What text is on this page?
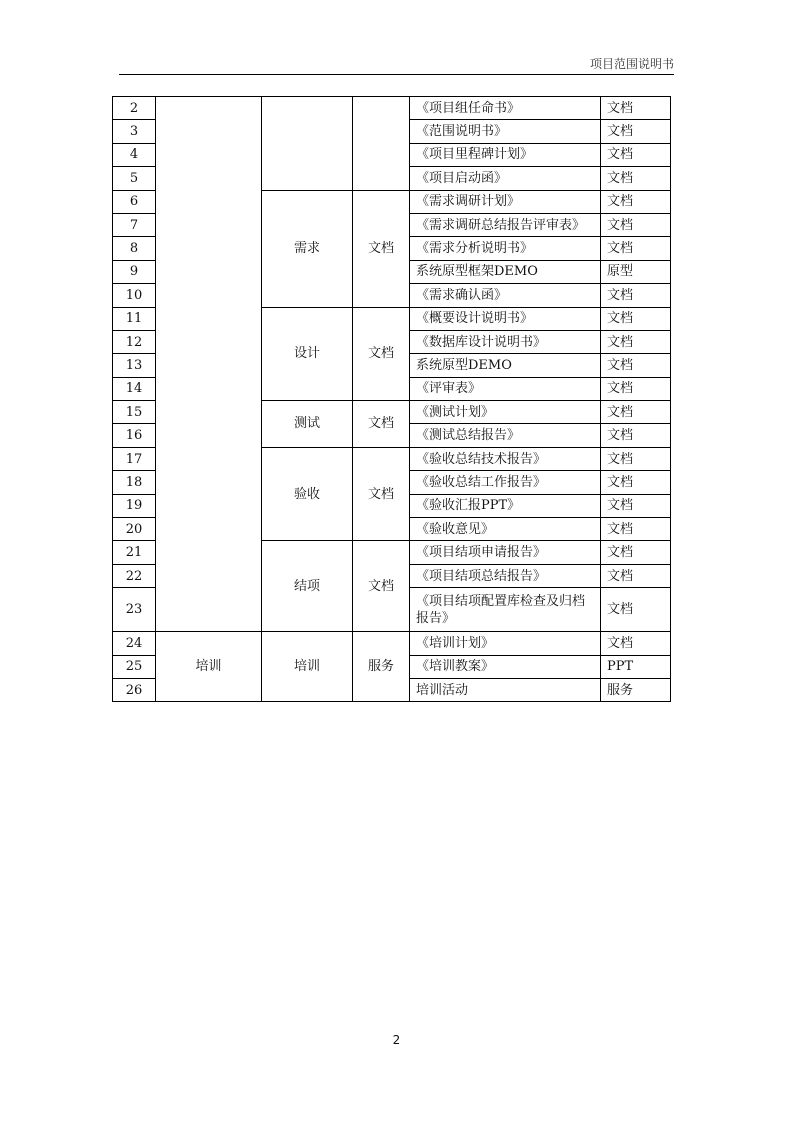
项目范围说明书
2				《项目组任命书》	文档
3				《范围说明书》	文档
4				《项目里程碑计划》	文档
5				《项目启动函》	文档
6		需求	文档	《需求调研计划》	文档
7				《需求调研总结报告评审表》	文档
8				《需求分析说明书》	文档
9				系统原型框架DEMO	原型
10				《需求确认函》	文档
11		设计	文档	《概要设计说明书》	文档
12				《数据库设计说明书》	文档
13				系统原型DEMO	文档
14				《评审表》	文档
15		测试	文档	《测试计划》	文档
16				《测试总结报告》	文档
17		验收	文档	《验收总结技术报告》	文档
18				《验收总结工作报告》	文档
19				《验收汇报PPT》	文档
20				《验收意见》	文档
21		结项	文档	《项目结项申请报告》	文档
22				《项目结项总结报告》	文档
23				《项目结项配置库检查及归档报告》	文档
24	培训	培训	服务	《培训计划》	文档
25				《培训教案》	PPT
26				培训活动	服务
2
